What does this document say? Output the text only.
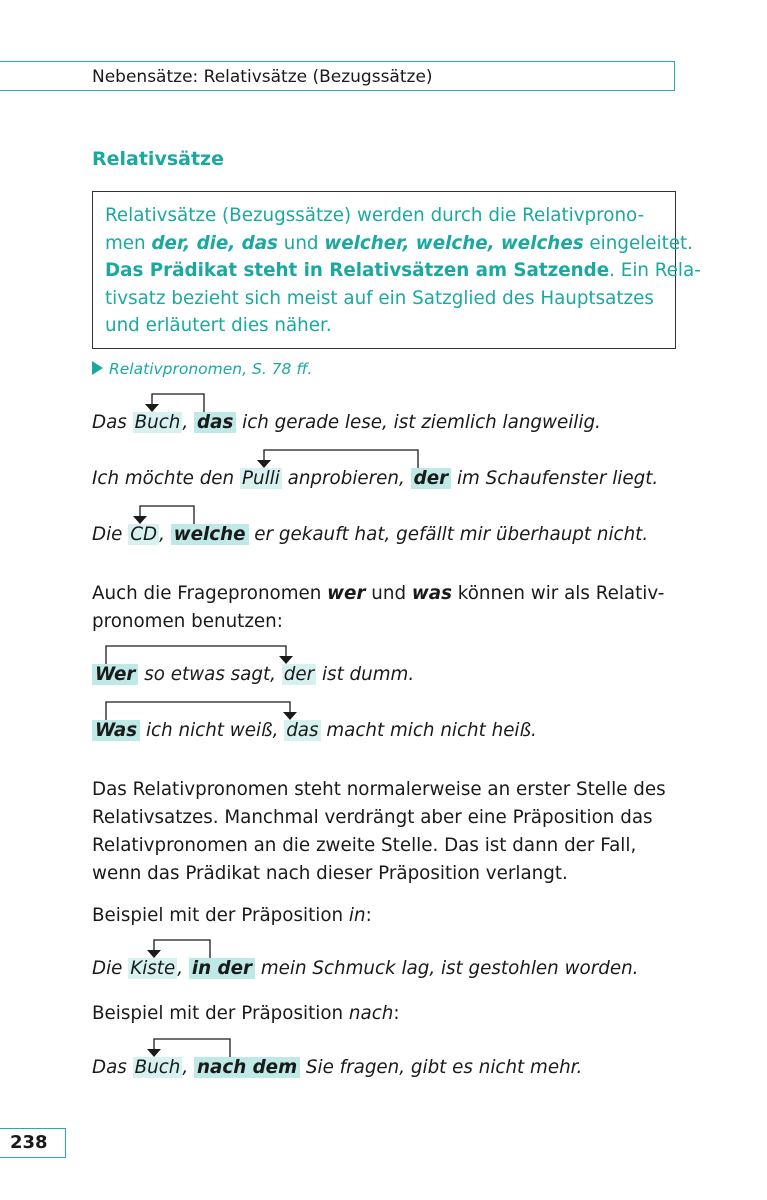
Nebensätze: Relativsätze (Bezugssätze)
Relativsätze

Relativsätze (Bezugssätze) werden durch die Relativprono-

men der, die, das und welcher, welche, welches eingeleitet.

Das Prädikat steht in Relativsätzen am Satzende. Ein Rela-

tivsatz bezieht sich meist auf ein Satzglied des Hauptsatzes

und erläutert dies näher.

Relativpronomen, S. 78 ff.
Das Buch , das ich gerade lese, ist ziemlich langweilig.
Ich möchte den Pulli anprobieren, der im Schaufenster liegt.
Die CD , welche er gekauft hat, gefällt mir überhaupt nicht.

Auch die Fragepronomen wer und was können wir als Relativ-

pronomen benutzen:

Wer so etwas sagt, der ist dumm.
Was ich nicht weiß, das macht mich nicht heiß.

Das Relativpronomen steht normalerweise an erster Stelle des

Relativsatzes. Manchmal verdrängt aber eine Präposition das

Relativpronomen an die zweite Stelle. Das ist dann der Fall,

wenn das Prädikat nach dieser Präposition verlangt.

Beispiel mit der Präposition in:

Die Kiste , in der mein Schmuck lag, ist gestohlen worden.

Beispiel mit der Präposition nach:

Das Buch , nach dem Sie fragen, gibt es nicht mehr.
238
